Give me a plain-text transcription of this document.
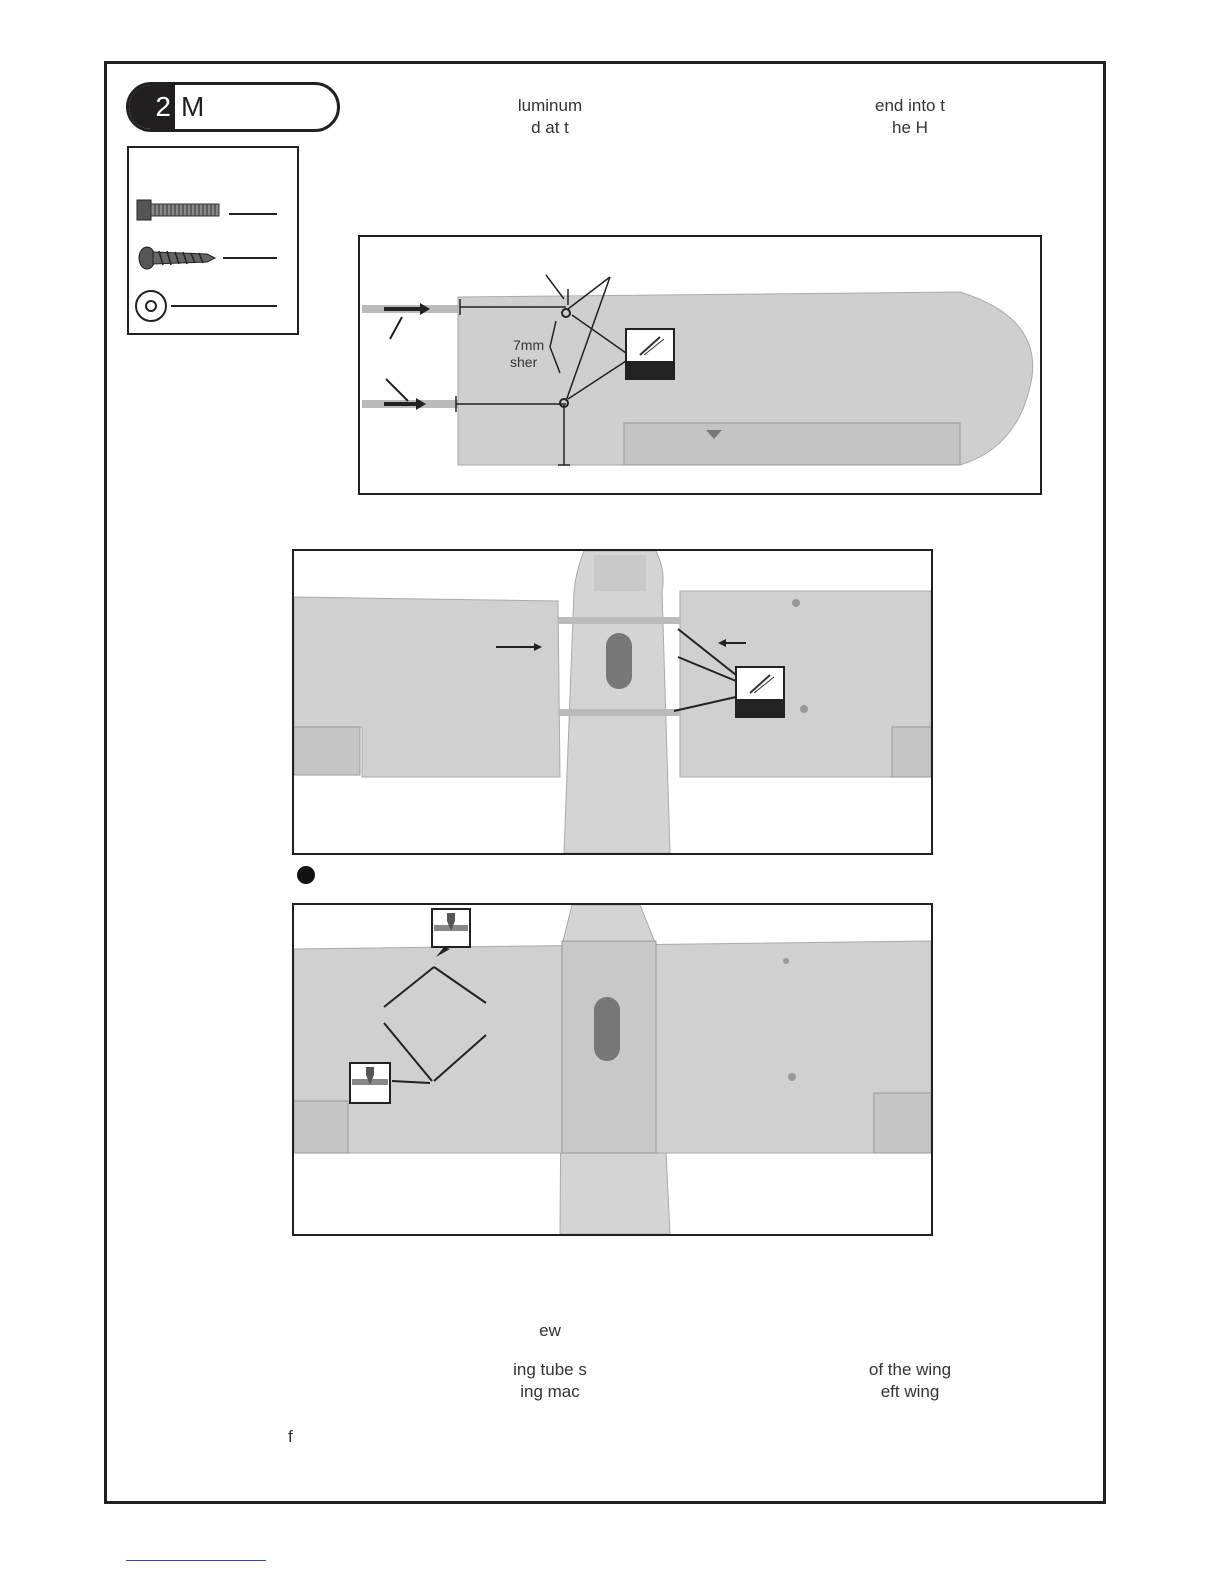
2 M	luminum
d at t
end into t
he H
7mm
sher
ew
ing tube s
ing mac
of the wing
eft wing
f
